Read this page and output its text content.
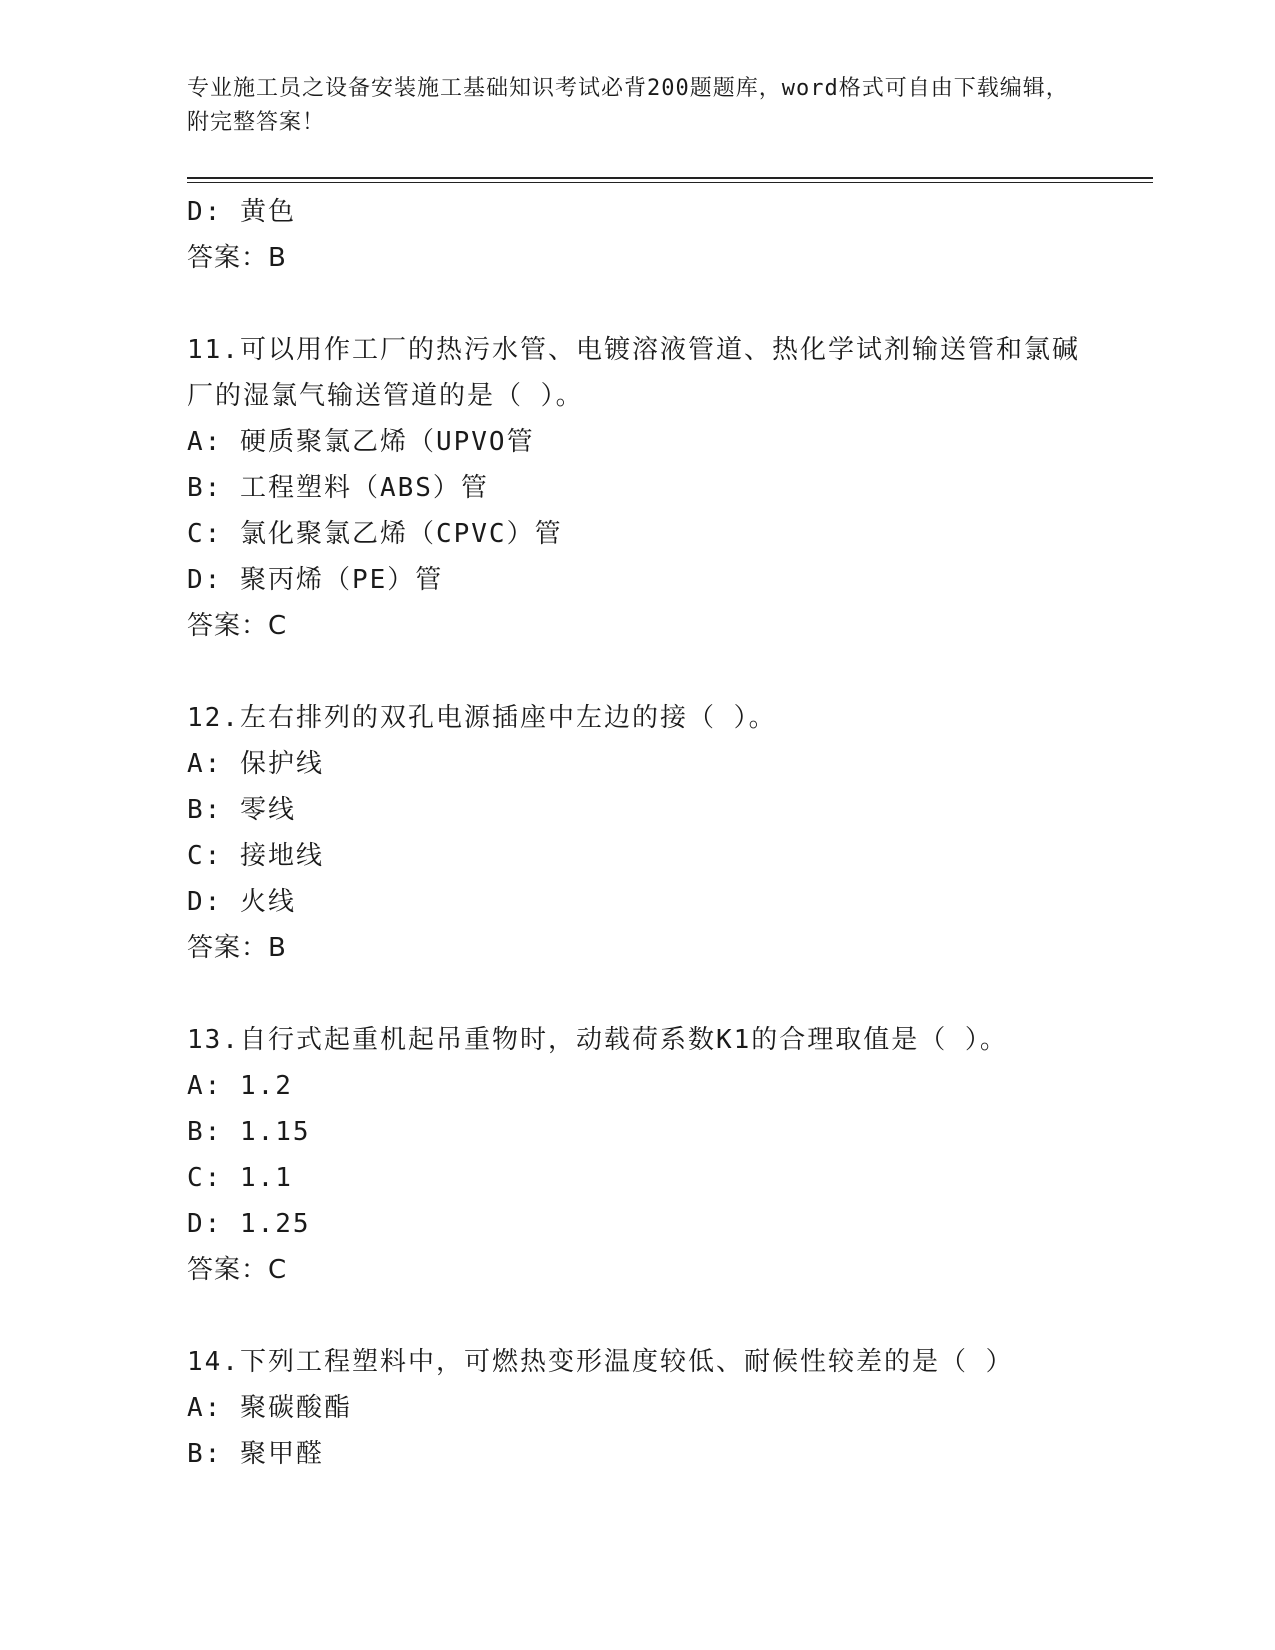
专业施工员之设备安装施工基础知识考试必背200题题库，word格式可自由下载编辑，附完整答案！
D: 黄色
答案：B
11.可以用作工厂的热污水管、电镀溶液管道、热化学试剂输送管和氯碱厂的湿氯气输送管道的是（ ）。
A: 硬质聚氯乙烯（UPVO管
B: 工程塑料（ABS）管
C: 氯化聚氯乙烯（CPVC）管
D: 聚丙烯（PE）管
答案：C
12.左右排列的双孔电源插座中左边的接（ ）。
A: 保护线
B: 零线
C: 接地线
D: 火线
答案：B
13.自行式起重机起吊重物时，动载荷系数K1的合理取值是（ ）。
A: 1.2
B: 1.15
C: 1.1
D: 1.25
答案：C
14.下列工程塑料中，可燃热变形温度较低、耐候性较差的是（ ）
A: 聚碳酸酯
B: 聚甲醛
